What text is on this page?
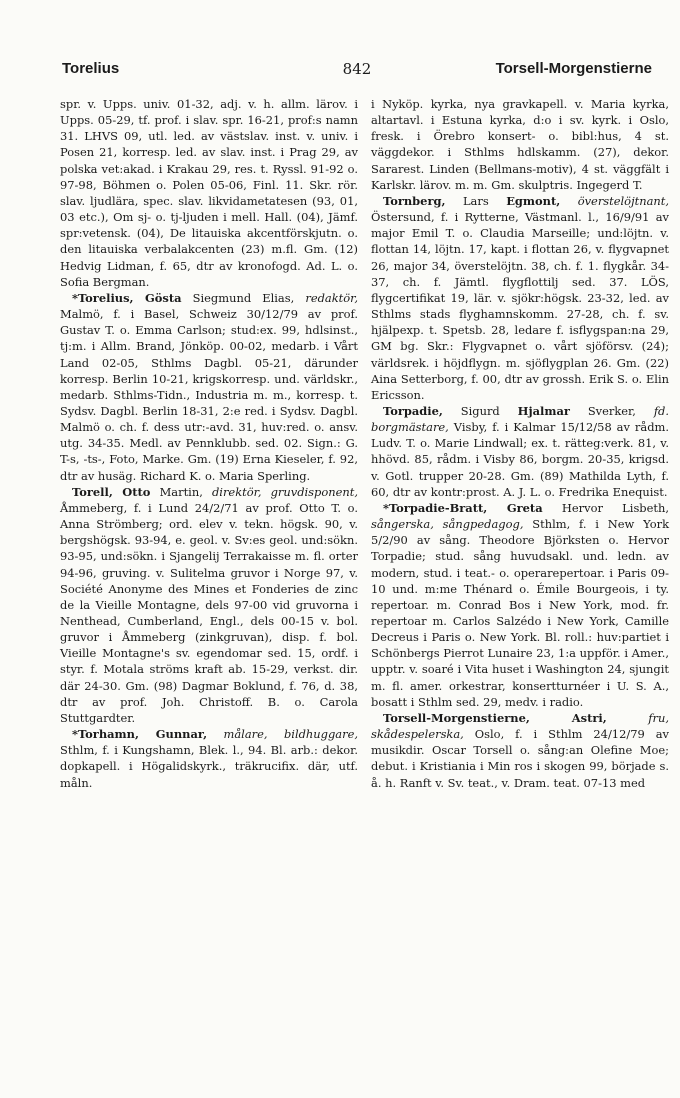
Torelius	842	Torsell-Morgenstierne

spr. v. Upps. univ. 01-32, adj. v. h. allm. lärov. i Upps. 05-29, tf. prof. i slav. spr. 16-21, prof:s namn 31. LHVS 09, utl. led. av västslav. inst. v. univ. i Posen 21, korresp. led. av slav. inst. i Prag 29, av polska vet:akad. i Krakau 29, res. t. Ryssl. 91-92 o. 97-98, Böhmen o. Polen 05-06, Finl. 11. Skr. rör. slav. ljudlära, spec. slav. likvidametatesen (93, 01, 03 etc.), Om sj- o. tj-ljuden i mell. Hall. (04), Jämf. spr:vetensk. (04), De litauiska akcentförskjutn. o. den litauiska verbalakcenten (23) m.fl. Gm. (12) Hedvig Lidman, f. 65, dtr av kronofogd. Ad. L. o. Sofia Bergman.

*Torelius, Gösta Siegmund Elias, redaktör, Malmö, f. i Basel, Schweiz 30/12/79 av prof. Gustav T. o. Emma Carlson; stud:ex. 99, hdlsinst., tj:m. i Allm. Brand, Jönköp. 00-02, medarb. i Vårt Land 02-05, Sthlms Dagbl. 05-21, därunder korresp. Berlin 10-21, krigskorresp. und. världskr., medarb. Sthlms-Tidn., Industria m. m., korresp. t. Sydsv. Dagbl. Berlin 18-31, 2:e red. i Sydsv. Dagbl. Malmö o. ch. f. dess utr:-avd. 31, huv:red. o. ansv. utg. 34-35. Medl. av Pennklubb. sed. 02. Sign.: G. T-s, -ts-, Foto, Marke. Gm. (19) Erna Kieseler, f. 92, dtr av husäg. Richard K. o. Maria Sperling.

Torell, Otto Martin, direktör, gruvdisponent, Åmmeberg, f. i Lund 24/2/71 av prof. Otto T. o. Anna Strömberg; ord. elev v. tekn. högsk. 90, v. bergshögsk. 93-94, e. geol. v. Sv:es geol. und:sökn. 93-95, und:sökn. i Sjangelij Terrakaisse m. fl. orter 94-96, gruving. v. Sulitelma gruvor i Norge 97, v. Société Anonyme des Mines et Fonderies de zinc de la Vieille Montagne, dels 97-00 vid gruvorna i Nenthead, Cumberland, Engl., dels 00-15 v. bol. gruvor i Åmmeberg (zinkgruvan), disp. f. bol. Vieille Montagne's sv. egendomar sed. 15, ordf. i styr. f. Motala ströms kraft ab. 15-29, verkst. dir. där 24-30. Gm. (98) Dagmar Boklund, f. 76, d. 38, dtr av prof. Joh. Christoff. B. o. Carola Stuttgardter.

*Torhamn, Gunnar, målare, bildhuggare, Sthlm, f. i Kungshamn, Blek. l., 94. Bl. arb.: dekor. dopkapell. i Högalidskyrk., träkrucifix. där, utf. måln.

i Nyköp. kyrka, nya gravkapell. v. Maria kyrka, altartavl. i Estuna kyrka, d:o i sv. kyrk. i Oslo, fresk. i Örebro konsert- o. bibl:hus, 4 st. väggdekor. i Sthlms hdlskamm. (27), dekor. Sararest. Linden (Bellmans-motiv), 4 st. väggfält i Karlskr. lärov. m. m. Gm. skulptris. Ingegerd T.

Tornberg, Lars Egmont, överstelöjtnant, Östersund, f. i Rytterne, Västmanl. l., 16/9/91 av major Emil T. o. Claudia Marseille; und:löjtn. v. flottan 14, löjtn. 17, kapt. i flottan 26, v. flygvapnet 26, major 34, överstelöjtn. 38, ch. f. 1. flygkår. 34-37, ch. f. Jämtl. flygflottilj sed. 37. LÖS, flygcertifikat 19, lär. v. sjökr:högsk. 23-32, led. av Sthlms stads flyghamnskomm. 27-28, ch. f. sv. hjälpexp. t. Spetsb. 28, ledare f. isflygspan:na 29, GM bg. Skr.: Flygvapnet o. vårt sjöförsv. (24); världsrek. i höjdflygn. m. sjöflygplan 26. Gm. (22) Aina Setterborg, f. 00, dtr av grossh. Erik S. o. Elin Ericsson.

Torpadie, Sigurd Hjalmar Sverker, fd. borgmästare, Visby, f. i Kalmar 15/12/58 av rådm. Ludv. T. o. Marie Lindwall; ex. t. rätteg:verk. 81, v. hhövd. 85, rådm. i Visby 86, borgm. 20-35, krigsd. v. Gotl. trupper 20-28. Gm. (89) Mathilda Lyth, f. 60, dtr av kontr:prost. A. J. L. o. Fredrika Enequist.

*Torpadie-Bratt, Greta Hervor Lisbeth, sångerska, sångpedagog, Sthlm, f. i New York 5/2/90 av sång. Theodore Björksten o. Hervor Torpadie; stud. sång huvudsakl. und. ledn. av modern, stud. i teat.- o. operarepertoar. i Paris 09-10 und. m:me Thénard o. Émile Bourgeois, i ty. repertoar. m. Conrad Bos i New York, mod. fr. repertoar m. Carlos Salzédo i New York, Camille Decreus i Paris o. New York. Bl. roll.: huv:partiet i Schönbergs Pierrot Lunaire 23, 1:a uppför. i Amer., upptr. v. soaré i Vita huset i Washington 24, sjungit m. fl. amer. orkestrar, konsertturnéer i U. S. A., bosatt i Sthlm sed. 29, medv. i radio.

Torsell-Morgenstierne, Astri,	fru, skådespelerska, Oslo, f. i Sthlm 24/12/79 av musikdir. Oscar Torsell o. sång:an Olefine Moe; debut. i Kristiania i Min ros i skogen 99, började s. å. h. Ranft v. Sv. teat., v. Dram. teat. 07-13 med
